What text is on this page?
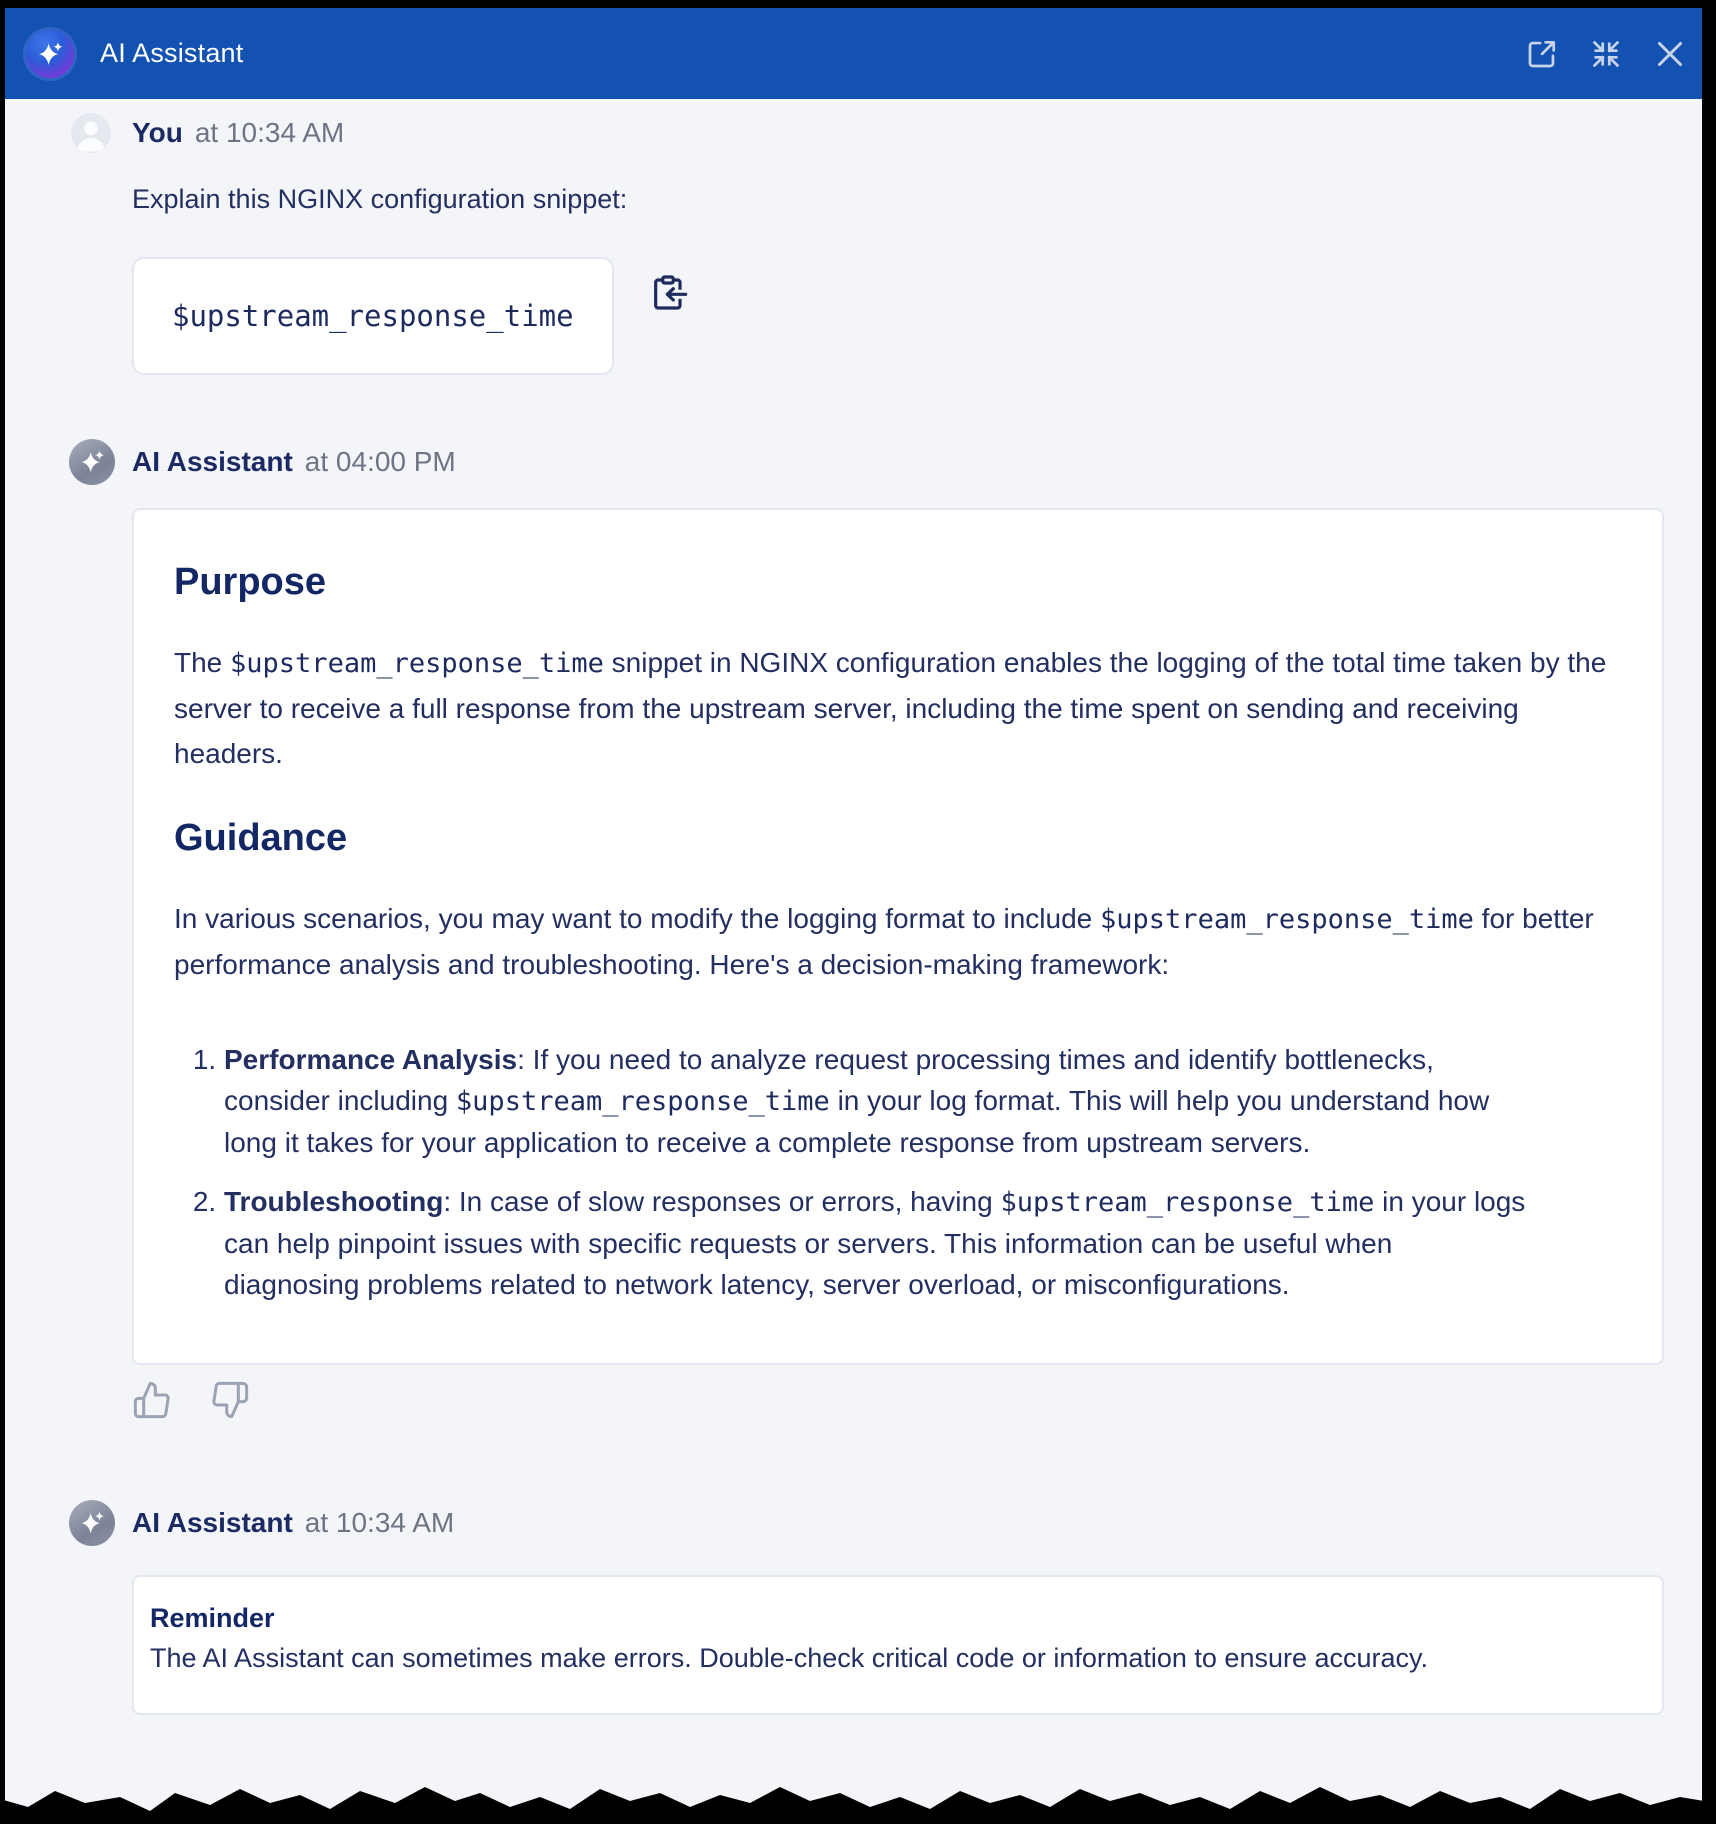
AI Assistant
You at 10:34 AM
Explain this NGINX configuration snippet:
$upstream_response_time
AI Assistant at 04:00 PM
Purpose

The $upstream_response_time snippet in NGINX configuration enables the logging of the total time taken by the server to receive a full response from the upstream server, including the time spent on sending and receiving headers.

Guidance

In various scenarios, you may want to modify the logging format to include $upstream_response_time for better performance analysis and troubleshooting. Here's a decision-making framework:

1. Performance Analysis: If you need to analyze request processing times and identify bottlenecks, consider including $upstream_response_time in your log format. This will help you understand how long it takes for your application to receive a complete response from upstream servers.
2. Troubleshooting: In case of slow responses or errors, having $upstream_response_time in your logs can help pinpoint issues with specific requests or servers. This information can be useful when diagnosing problems related to network latency, server overload, or misconfigurations.
AI Assistant at 10:34 AM
Reminder

The AI Assistant can sometimes make errors. Double-check critical code or information to ensure accuracy.
